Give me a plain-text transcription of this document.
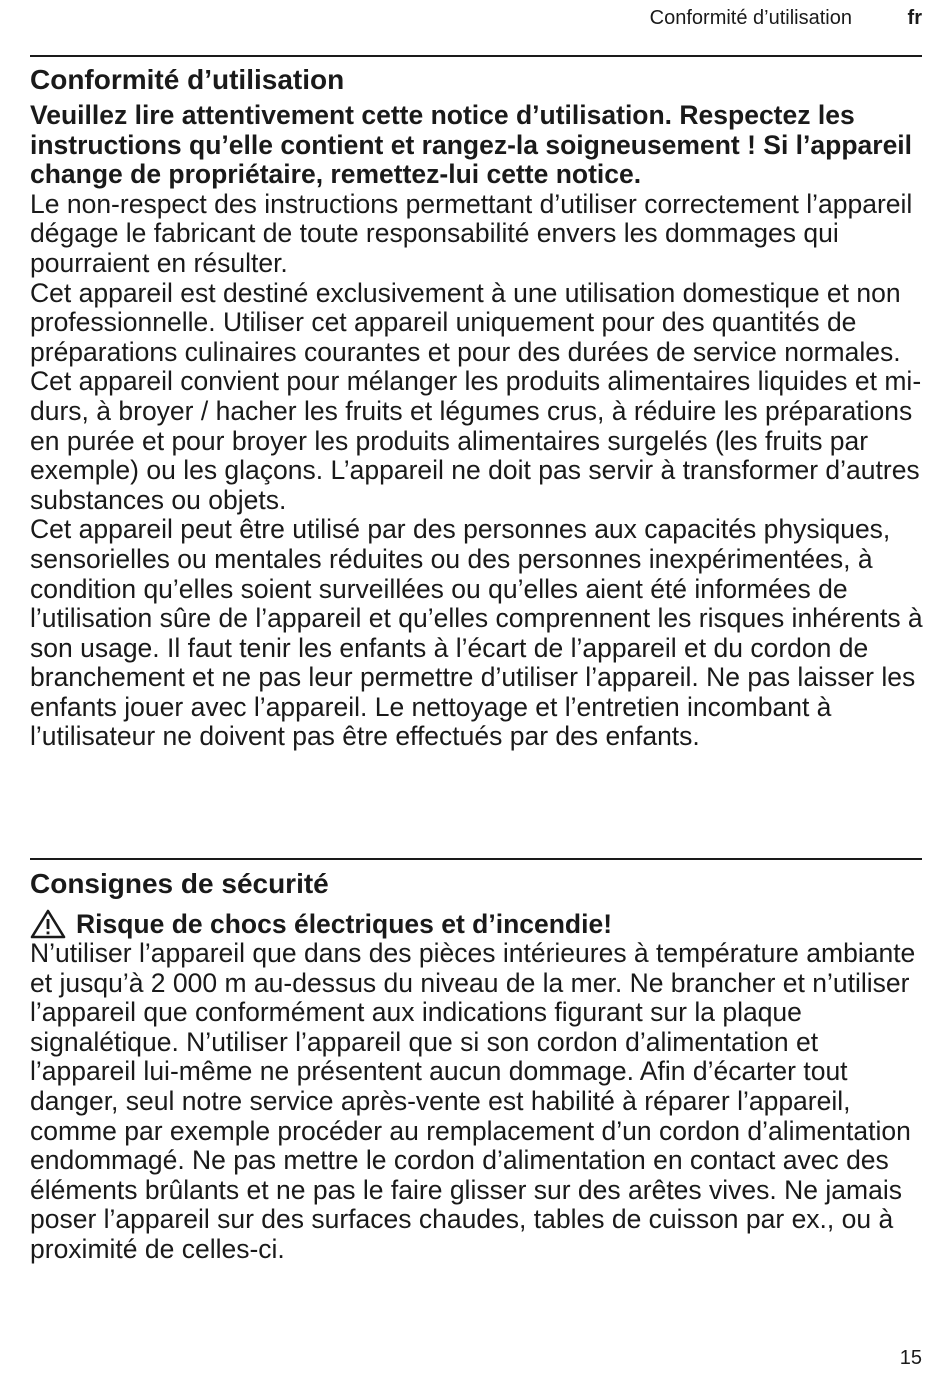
Conformité d’utilisation	fr
Conformité d’utilisation

Veuillez lire attentivement cette notice d’utilisation. Respectez les instructions qu’elle contient et rangez-la soigneusement ! Si l’appareil change de propriétaire, remettez-lui cette notice.

Le non-respect des instructions permettant d’utiliser correctement l’appareil dégage le fabricant de toute responsabilité envers les dommages qui pourraient en résulter.

Cet appareil est destiné exclusivement à une utilisation domestique et non professionnelle. Utiliser cet appareil uniquement pour des quantités de préparations culinaires courantes et pour des durées de service normales.

Cet appareil convient pour mélanger les produits alimentaires liquides et mi-durs, à broyer / hacher les fruits et légumes crus, à réduire les préparations en purée et pour broyer les produits alimentaires surgelés (les fruits par exemple) ou les glaçons. L’appareil ne doit pas servir à transformer d’autres substances ou objets.

Cet appareil peut être utilisé par des personnes aux capacités physiques, sensorielles ou mentales réduites ou des personnes inexpérimentées, à condition qu’elles soient surveillées ou qu’elles aient été informées de l’utilisation sûre de l’appareil et qu’elles comprennent les risques inhérents à son usage. Il faut tenir les enfants à l’écart de l’appareil et du cordon de branchement et ne pas leur permettre d’utiliser l’appareil. Ne pas laisser les enfants jouer avec l’appareil. Le nettoyage et l’entretien incombant à l’utilisateur ne doivent pas être effectués par des enfants.

Consignes de sécurité

Risque de chocs électriques et d’incendie!

N’utiliser l’appareil que dans des pièces intérieures à température ambiante et jusqu’à 2 000 m au-dessus du niveau de la mer. Ne brancher et n’utiliser l’appareil que conformément aux indications figurant sur la plaque signalétique. N’utiliser l’appareil que si son cordon d’alimentation et l’appareil lui-même ne présentent aucun dommage. Afin d’écarter tout danger, seul notre service après-vente est habilité à réparer l’appareil, comme par exemple procéder au remplacement d’un cordon d’alimentation endommagé. Ne pas mettre le cordon d’alimentation en contact avec des éléments brûlants et ne pas le faire glisser sur des arêtes vives. Ne jamais poser l’appareil sur des surfaces chaudes, tables de cuisson par ex., ou à proximité de celles-ci.

15
